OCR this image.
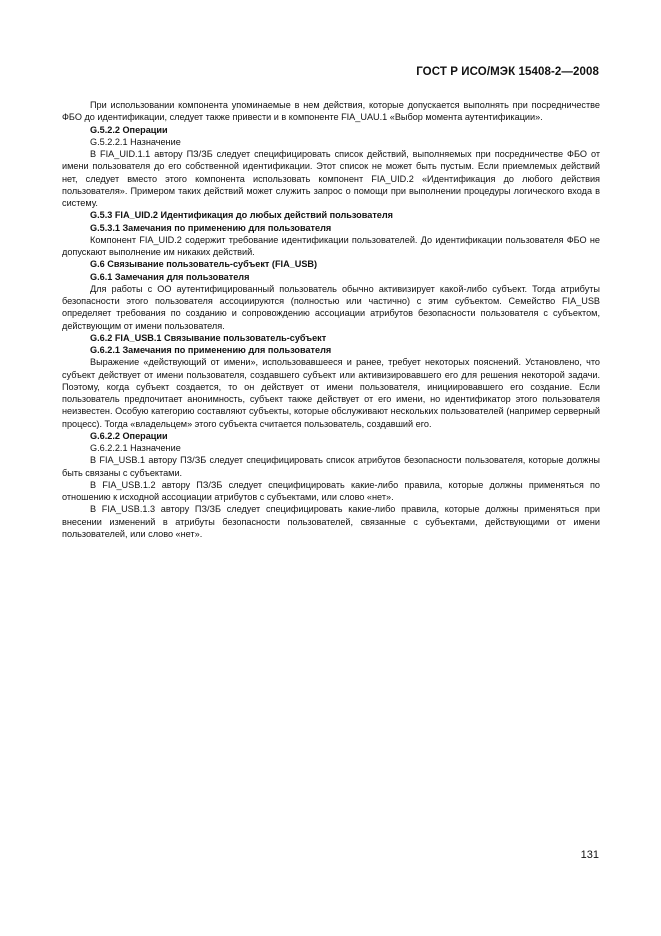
ГОСТ Р ИСО/МЭК 15408-2—2008

При использовании компонента упоминаемые в нем действия, которые допускается выполнять при посредничестве ФБО до идентификации, следует также привести и в компоненте FIA_UAU.1 «Выбор момента аутентификации».

G.5.2.2 Операции

G.5.2.2.1 Назначение

В FIA_UID.1.1 автору ПЗ/ЗБ следует специфицировать список действий, выполняемых при посредничестве ФБО от имени пользователя до его собственной идентификации. Этот список не может быть пустым. Если приемлемых действий нет, следует вместо этого компонента использовать компонент FIA_UID.2 «Идентификация до любого действия пользователя». Примером таких действий может служить запрос о помощи при выполнении процедуры логического входа в систему.

G.5.3 FIA_UID.2 Идентификация до любых действий пользователя

G.5.3.1 Замечания по применению для пользователя

Компонент FIA_UID.2 содержит требование идентификации пользователей. До идентификации пользователя ФБО не допускают выполнение им никаких действий.

G.6 Связывание пользователь-субъект (FIA_USB)

G.6.1 Замечания для пользователя

Для работы с ОО аутентифицированный пользователь обычно активизирует какой-либо субъект. Тогда атрибуты безопасности этого пользователя ассоциируются (полностью или частично) с этим субъектом. Семейство FIA_USB определяет требования по созданию и сопровождению ассоциации атрибутов безопасности пользователя с субъектом, действующим от имени пользователя.

G.6.2 FIA_USB.1 Связывание пользователь-субъект

G.6.2.1 Замечания по применению для пользователя

Выражение «действующий от имени», использовавшееся и ранее, требует некоторых пояснений. Установлено, что субъект действует от имени пользователя, создавшего субъект или активизировавшего его для решения некоторой задачи. Поэтому, когда субъект создается, то он действует от имени пользователя, инициировавшего его создание. Если пользователь предпочитает анонимность, субъект также действует от его имени, но идентификатор этого пользователя неизвестен. Особую категорию составляют субъекты, которые обслуживают нескольких пользователей (например серверный процесс). Тогда «владельцем» этого субъекта считается пользователь, создавший его.

G.6.2.2 Операции

G.6.2.2.1 Назначение

В FIA_USB.1 автору ПЗ/ЗБ следует специфицировать список атрибутов безопасности пользователя, которые должны быть связаны с субъектами.

В FIA_USB.1.2 автору ПЗ/ЗБ следует специфицировать какие-либо правила, которые должны применяться по отношению к исходной ассоциации атрибутов с субъектами, или слово «нет».

В FIA_USB.1.3 автору ПЗ/ЗБ следует специфицировать какие-либо правила, которые должны применяться при внесении изменений в атрибуты безопасности пользователей, связанные с субъектами, действующими от имени пользователей, или слово «нет».

131
